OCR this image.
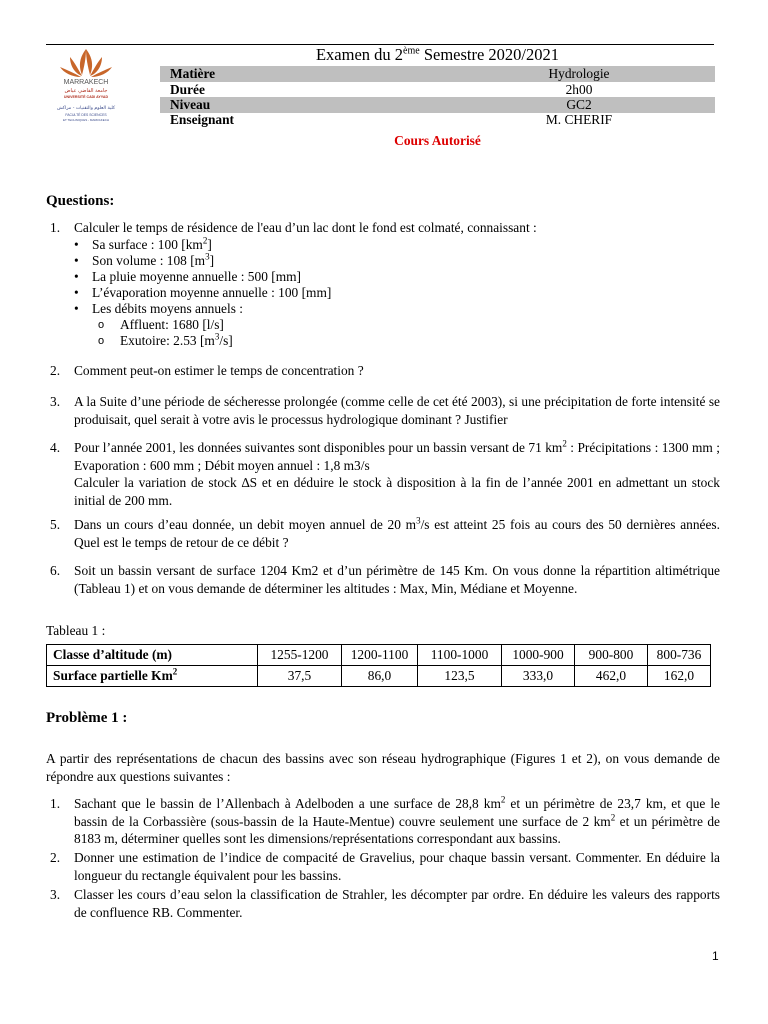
MARRAKECH
جامعة القاضي عياض
UNIVERSITÉ CADI AYYAD
كلية العلوم والتقنيات - مراكش
FACULTÉ DES SCIENCES
ET TECHNIQUES - MARRAKECH
Examen du 2ème Semestre 2020/2021
Matière	Hydrologie
Durée	2h00
Niveau	GC2
Enseignant	M. CHERIF
Cours Autorisé
Questions:
1. Calculer le temps de résidence de l'eau d’un lac dont le fond est colmaté, connaissant :
• Sa surface : 100 $[km^2]$
• Son volume : 108 $[m^3]$
• La pluie moyenne annuelle : 500 [mm]
• L’évaporation moyenne annuelle : 100 [mm]
• Les débits moyens annuels :
o Affluent: 1680 [l/s]
o Exutoire: 2.53 $[m^3/s]$
2. Comment peut-on estimer le temps de concentration ?
3. A la Suite d’une période de sécheresse prolongée (comme celle de cet été 2003), si une précipitation de forte intensité se produisait, quel serait à votre avis le processus hydrologique dominant ? Justifier
4. Pour l’année 2001, les données suivantes sont disponibles pour un bassin versant de 71 $km^2$ : Précipitations : 1300 mm ; Evaporation : 600 mm ; Débit moyen annuel : 1,8 m3/s
Calculer la variation de stock ∆S et en déduire le stock à disposition à la fin de l’année 2001 en admettant un stock initial de 200 mm.
5. Dans un cours d’eau donnée, un debit moyen annuel de 20 $m^3/s$ est atteint 25 fois au cours des 50 dernières années. Quel est le temps de retour de ce débit ?
6. Soit un bassin versant de surface 1204 Km2 et d’un périmètre de 145 Km. On vous donne la répartition altimétrique (Tableau 1) et on vous demande de déterminer les altitudes : Max, Min, Médiane et Moyenne.
Tableau 1 :
Classe d’altitude (m)	1255-1200	1200-1100	1100-1000	1000-900	900-800	800-736
Surface partielle Km$^2$	37,5	86,0	123,5	333,0	462,0	162,0
Problème 1 :
A partir des représentations de chacun des bassins avec son réseau hydrographique (Figures 1 et 2), on vous demande de répondre aux questions suivantes :
1. Sachant que le bassin de l’Allenbach à Adelboden a une surface de 28,8 $km^2$ et un périmètre de 23,7 km, et que le bassin de la Corbassière (sous-bassin de la Haute-Mentue) couvre seulement une surface de 2 $km^2$ et un périmètre de 8183 m, déterminer quelles sont les dimensions/représentations correspondant aux bassins.
2. Donner une estimation de l’indice de compacité de Gravelius, pour chaque bassin versant. Commenter. En déduire la longueur du rectangle équivalent pour les bassins.
3. Classer les cours d’eau selon la classification de Strahler, les décompter par ordre. En déduire les valeurs des rapports de confluence RB. Commenter.
1
